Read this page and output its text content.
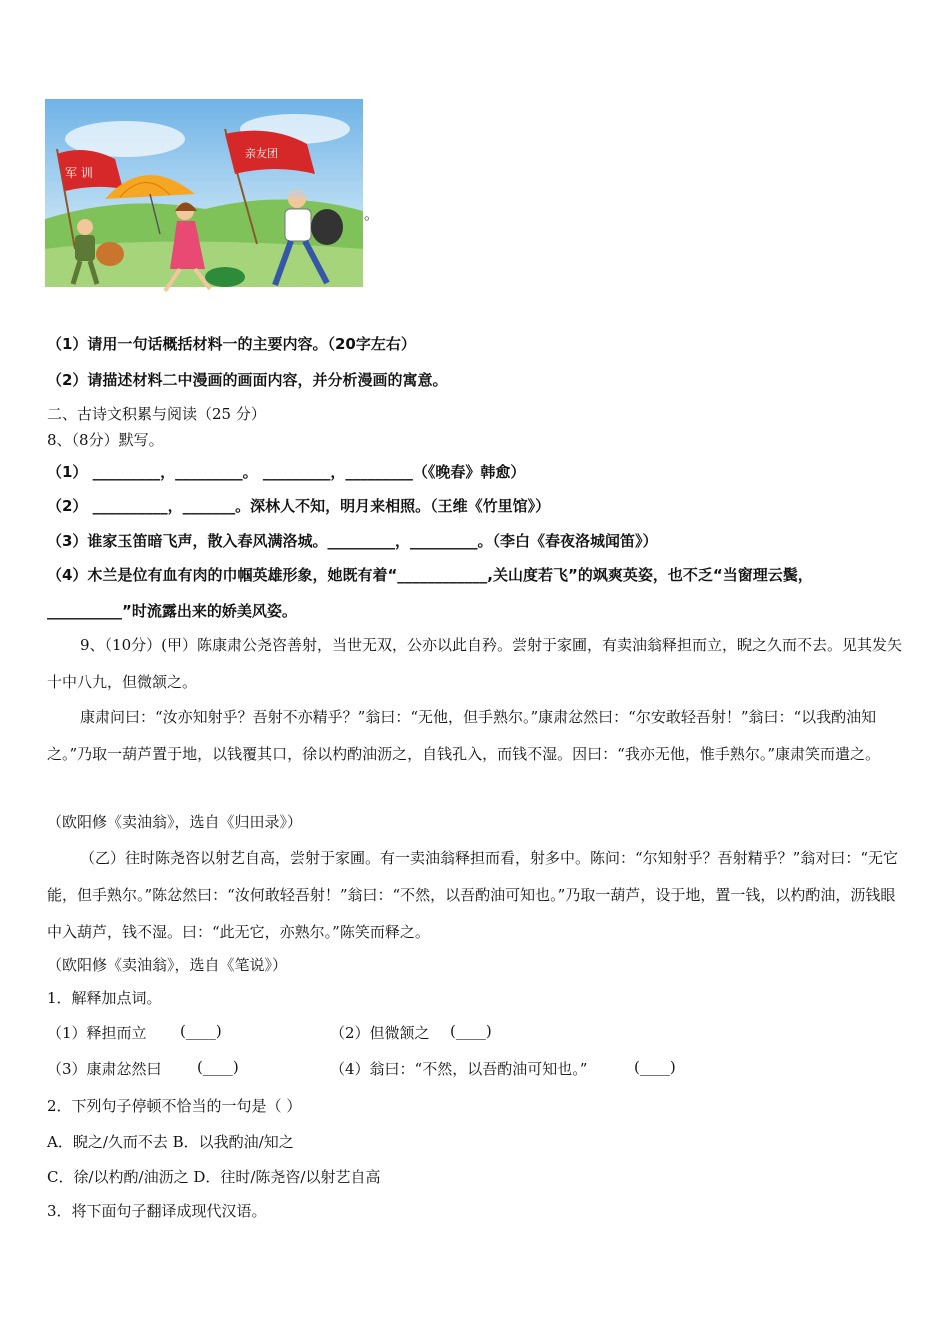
军 训
亲友团
。
（1）请用一句话概括材料一的主要内容。（20字左右）
（2）请描述材料二中漫画的画面内容，并分析漫画的寓意。
二、古诗文积累与阅读（25 分）
8、（8分）默写。
（1） _________，_________。 _________，_________（《晚春》韩愈）
（2） __________，_______。深林人不知，明月来相照。（王维《竹里馆》）
（3）谁家玉笛暗飞声，散入春风满洛城。_________，_________。（李白《春夜洛城闻笛》）
（4）木兰是位有血有肉的巾帼英雄形象，她既有着“____________,关山度若飞”的飒爽英姿，也不乏“当窗理云鬓，
__________”时流露出来的娇美风姿。
9、（10分）(甲）陈康肃公尧咨善射，当世无双，公亦以此自矜。尝射于家圃，有卖油翁释担而立，睨之久而不去。见其发矢十中八九，但微颔之。
康肃问曰：“汝亦知射乎？吾射不亦精乎？”翁曰：“无他，但手熟尔。”康肃忿然曰：“尔安敢轻吾射！”翁曰：“以我酌油知之。”乃取一葫芦置于地，以钱覆其口，徐以杓酌油沥之，自钱孔入，而钱不湿。因曰：“我亦无他，惟手熟尔。”康肃笑而遣之。
（欧阳修《卖油翁》，选自《归田录》）
（乙）往时陈尧咨以射艺自高，尝射于家圃。有一卖油翁释担而看，射多中。陈问：“尔知射乎？吾射精乎？”翁对曰：“无它能，但手熟尔。”陈忿然曰：“汝何敢轻吾射！”翁曰：“不然，以吾酌油可知也。”乃取一葫芦，设于地，置一钱，以杓酌油，沥钱眼中入葫芦，钱不湿。曰：“此无它，亦熟尔。”陈笑而释之。
（欧阳修《卖油翁》，选自《笔说》）
1．解释加点词。
（1）释担而立 (____)	（2）但微颔之 (____)
（3）康肃忿然曰 (____)	（4）翁曰：“不然，以吾酌油可知也。”	(____)
2．下列句子停顿不恰当的一句是（ ）
A．睨之/久而不去 B．以我酌油/知之
C．徐/以杓酌/油沥之 D．往时/陈尧咨/以射艺自高
3．将下面句子翻译成现代汉语。
